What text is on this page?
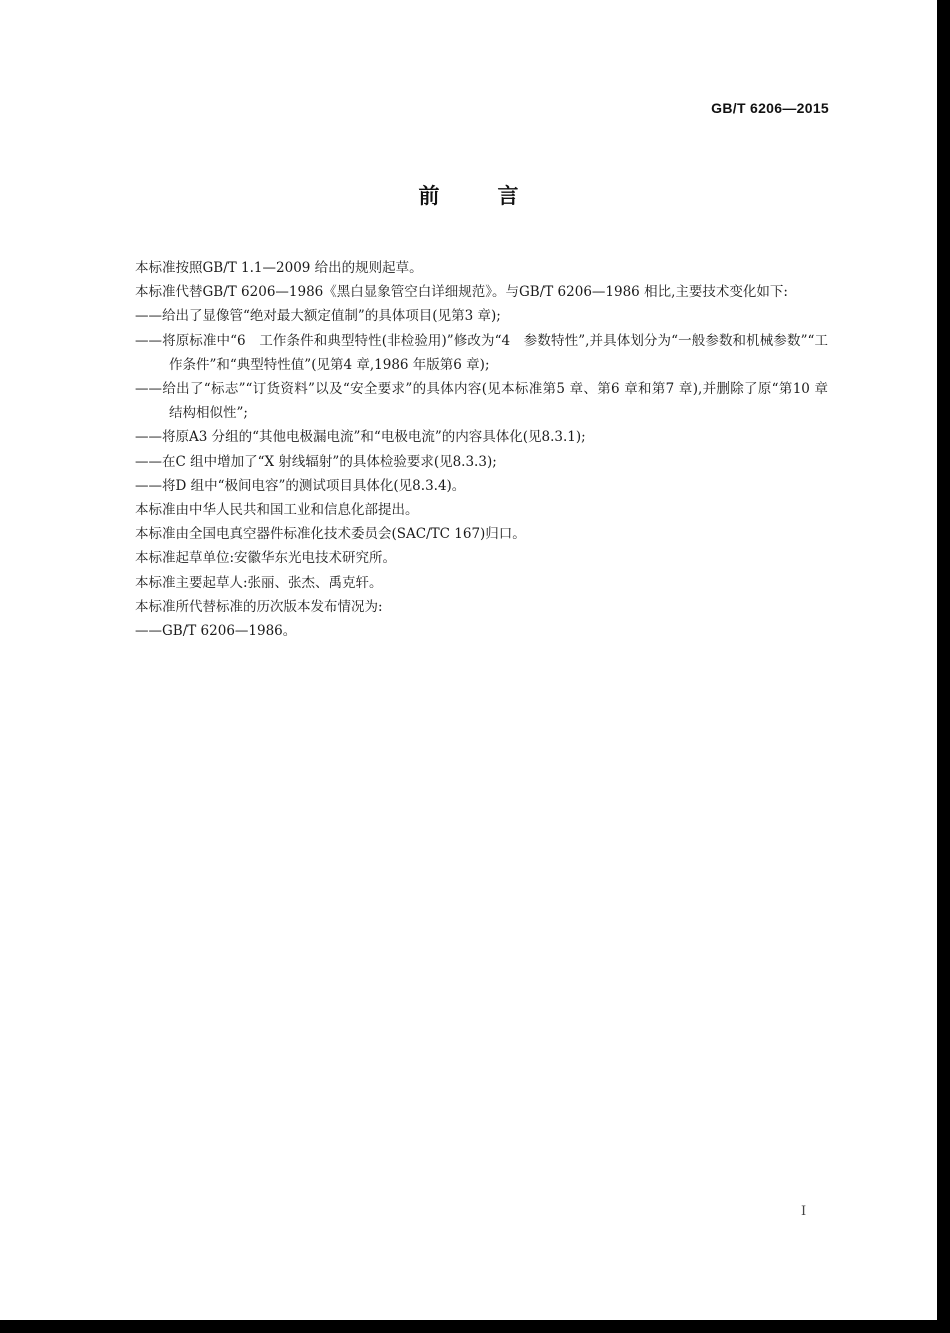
GB/T 6206—2015
前言

本标准按照GB/T 1.1—2009 给出的规则起草。

本标准代替GB/T 6206—1986《黑白显象管空白详细规范》。与GB/T 6206—1986 相比,主要技术变化如下:

——给出了显像管“绝对最大额定值制”的具体项目(见第3 章);

——将原标准中“6　工作条件和典型特性(非检验用)”修改为“4　参数特性”,并具体划分为“一般参数和机械参数”“工作条件”和“典型特性值”(见第4 章,1986 年版第6 章);

——给出了“标志”“订货资料”以及“安全要求”的具体内容(见本标准第5 章、第6 章和第7 章),并删除了原“第10 章 结构相似性”;

——将原A3 分组的“其他电极漏电流”和“电极电流”的内容具体化(见8.3.1);

——在C 组中增加了“X 射线辐射”的具体检验要求(见8.3.3);

——将D 组中“极间电容”的测试项目具体化(见8.3.4)。

本标准由中华人民共和国工业和信息化部提出。

本标准由全国电真空器件标准化技术委员会(SAC/TC 167)归口。

本标准起草单位:安徽华东光电技术研究所。

本标准主要起草人:张丽、张杰、禹克轩。

本标准所代替标准的历次版本发布情况为:

——GB/T 6206—1986。

I
